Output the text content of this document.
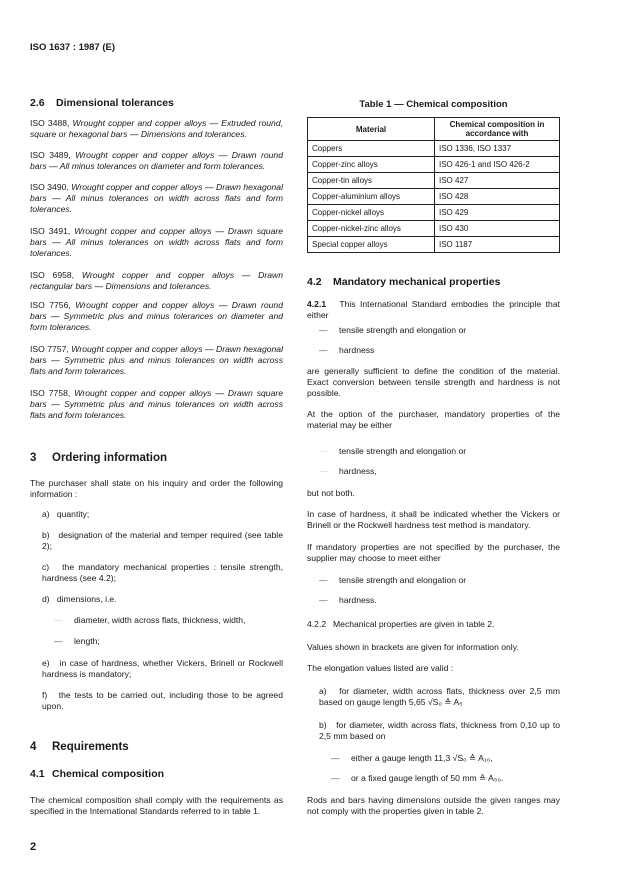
ISO 1637 : 1987 (E)
2.6 Dimensional tolerances
ISO 3488, Wrought copper and copper alloys — Extruded round, square or hexagonal bars — Dimensions and tolerances.
ISO 3489, Wrought copper and copper alloys — Drawn round bars — All minus tolerances on diameter and form tolerances.
ISO 3490, Wrought copper and copper alloys — Drawn hexagonal bars — All minus tolerances on width across flats and form tolerances.
ISO 3491, Wrought copper and copper alloys — Drawn square bars — All minus tolerances on width across flats and form tolerances.
ISO 6958, Wrought copper and copper alloys — Drawn rectangular bars — Dimensions and tolerances.
ISO 7756, Wrought copper and copper alloys — Drawn round bars — Symmetric plus and minus tolerances on diameter and form tolerances.
ISO 7757, Wrought copper and copper alloys — Drawn hexagonal bars — Symmetric plus and minus tolerances on width across flats and form tolerances.
ISO 7758, Wrought copper and copper alloys — Drawn square bars — Symmetric plus and minus tolerances on width across flats and form tolerances.
3 Ordering information
The purchaser shall state on his inquiry and order the following information :
a) quantity;
b) designation of the material and temper required (see table 2);
c) the mandatory mechanical properties : tensile strength, hardness (see 4.2);
d) dimensions, i.e.
e) in case of hardness, whether Vickers, Brinell or Rockwell hardness is mandatory;
f) the tests to be carried out, including those to be agreed upon.
— diameter, width across flats, thickness, width,
— length;
4 Requirements
4.1 Chemical composition
The chemical composition shall comply with the requirements as specified in the International Standards referred to in table 1.
2
Table 1 — Chemical composition
Material	Chemical composition in accordance with
Coppers	ISO 1336, ISO 1337
Copper-zinc alloys	ISO 426-1 and ISO 426-2
Copper-tin alloys	ISO 427
Copper-aluminium alloys	ISO 428
Copper-nickel alloys	ISO 429
Copper-nickel-zinc alloys	ISO 430
Special copper alloys	ISO 1187
4.2 Mandatory mechanical properties
4.2.1 This International Standard embodies the principle that either
— tensile strength and elongation or
— hardness
are generally sufficient to define the condition of the material. Exact conversion between tensile strength and hardness is not possible.
At the option of the purchaser, mandatory properties of the material may be either
— tensile strength and elongation or
— hardness,
but not both.
In case of hardness, it shall be indicated whether the Vickers or Brinell or the Rockwell hardness test method is mandatory.
If mandatory properties are not specified by the purchaser, the supplier may choose to meet either
— tensile strength and elongation or
— hardness.
4.2.2 Mechanical properties are given in table 2.
Values shown in brackets are given for information only.
The elongation values listed are valid :
a) for diameter, width across flats, thickness over 2,5 mm based on gauge length 5,65 √S₀ ≙ A₅
b) for diameter, width across flats, thickness from 0,10 up to 2,5 mm based on
— either a gauge length 11,3 √S₀ ≙ A₁₀,
— or a fixed gauge length of 50 mm ≙ A₅₀.
Rods and bars having dimensions outside the given ranges may not comply with the properties given in table 2.
